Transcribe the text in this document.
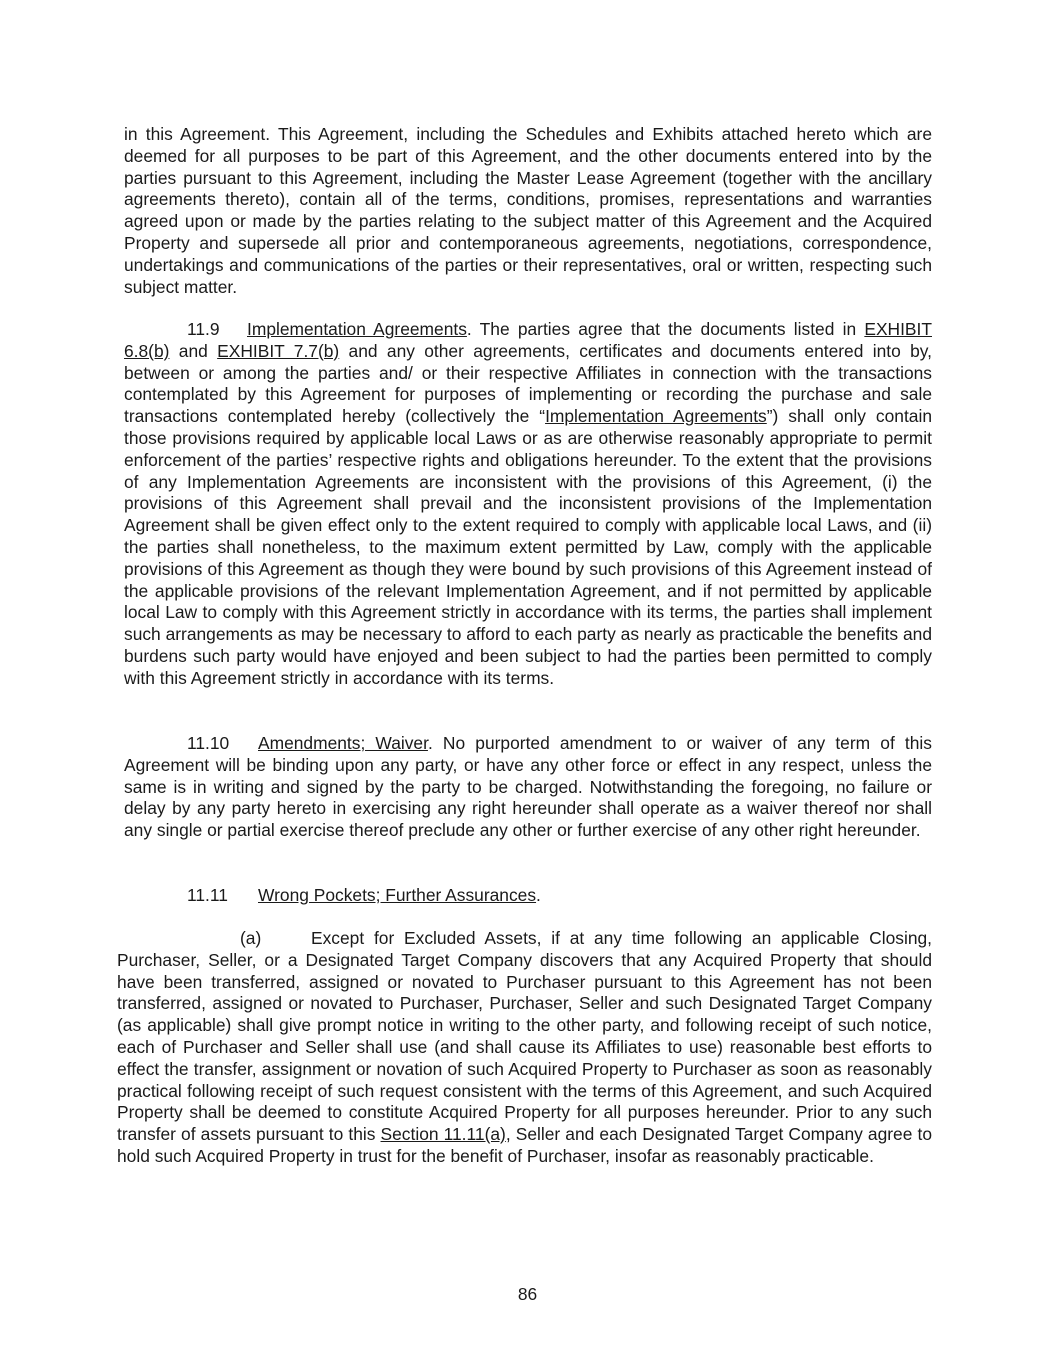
in this Agreement. This Agreement, including the Schedules and Exhibits attached hereto which are deemed for all purposes to be part of this Agreement, and the other documents entered into by the parties pursuant to this Agreement, including the Master Lease Agreement (together with the ancillary agreements thereto), contain all of the terms, conditions, promises, representations and warranties agreed upon or made by the parties relating to the subject matter of this Agreement and the Acquired Property and supersede all prior and contemporaneous agreements, negotiations, correspondence, undertakings and communications of the parties or their representatives, oral or written, respecting such subject matter.

11.9 Implementation Agreements. The parties agree that the documents listed in EXHIBIT 6.8(b) and EXHIBIT 7.7(b) and any other agreements, certificates and documents entered into by, between or among the parties and/ or their respective Affiliates in connection with the transactions contemplated by this Agreement for purposes of implementing or recording the purchase and sale transactions contemplated hereby (collectively the “Implementation Agreements”) shall only contain those provisions required by applicable local Laws or as are otherwise reasonably appropriate to permit enforcement of the parties’ respective rights and obligations hereunder. To the extent that the provisions of any Implementation Agreements are inconsistent with the provisions of this Agreement, (i) the provisions of this Agreement shall prevail and the inconsistent provisions of the Implementation Agreement shall be given effect only to the extent required to comply with applicable local Laws, and (ii) the parties shall nonetheless, to the maximum extent permitted by Law, comply with the applicable provisions of this Agreement as though they were bound by such provisions of this Agreement instead of the applicable provisions of the relevant Implementation Agreement, and if not permitted by applicable local Law to comply with this Agreement strictly in accordance with its terms, the parties shall implement such arrangements as may be necessary to afford to each party as nearly as practicable the benefits and burdens such party would have enjoyed and been subject to had the parties been permitted to comply with this Agreement strictly in accordance with its terms.

11.10 Amendments; Waiver. No purported amendment to or waiver of any term of this Agreement will be binding upon any party, or have any other force or effect in any respect, unless the same is in writing and signed by the party to be charged. Notwithstanding the foregoing, no failure or delay by any party hereto in exercising any right hereunder shall operate as a waiver thereof nor shall any single or partial exercise thereof preclude any other or further exercise of any other right hereunder.

11.11 Wrong Pockets; Further Assurances.

(a)	Except for Excluded Assets, if at any time following an applicable Closing, Purchaser, Seller, or a Designated Target Company discovers that any Acquired Property that should have been transferred, assigned or novated to Purchaser pursuant to this Agreement has not been transferred, assigned or novated to Purchaser, Purchaser, Seller and such Designated Target Company (as applicable) shall give prompt notice in writing to the other party, and following receipt of such notice, each of Purchaser and Seller shall use (and shall cause its Affiliates to use) reasonable best efforts to effect the transfer, assignment or novation of such Acquired Property to Purchaser as soon as reasonably practical following receipt of such request consistent with the terms of this Agreement, and such Acquired Property shall be deemed to constitute Acquired Property for all purposes hereunder. Prior to any such transfer of assets pursuant to this Section 11.11(a), Seller and each Designated Target Company agree to hold such Acquired Property in trust for the benefit of Purchaser, insofar as reasonably practicable.

86
